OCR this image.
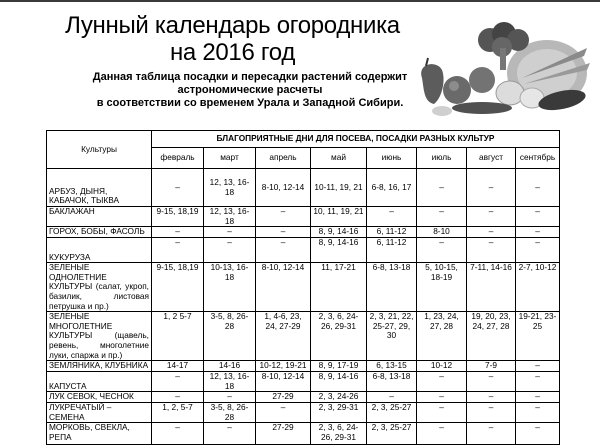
Лунный календарь огородника
на 2016 год
Данная таблица посадки и пересадки растений содержит
астрономические расчеты
в соответствии со временем Урала и Западной Сибири.
Культуры	БЛАГОПРИЯТНЫЕ ДНИ ДЛЯ ПОСЕВА, ПОСАДКИ РАЗНЫХ КУЛЬТУР							
	февраль	март	апрель	май	июнь	июль	август	сентябрь
АРБУЗ, ДЫНЯ, КАБАЧОК, ТЫКВА	–	12, 13, 16-18	8-10, 12-14	10-11, 19, 21	6-8, 16, 17	–	–	–
БАКЛАЖАН	9-15, 18,19	12, 13, 16-18	–	10, 11, 19, 21	–	–	–	–
ГОРОХ, БОБЫ, ФАСОЛЬ	–	–	–	8, 9, 14-16	6, 11-12	8-10	–	–
КУКУРУЗА	–	–	–	8, 9, 14-16	6, 11-12	–	–	–
ЗЕЛЕНЫЕ ОДНОЛЕТНИЕ КУЛЬТУРЫ (салат, укроп, базилик, листовая петрушка и пр.)	9-15, 18,19	10-13, 16-18	8-10, 12-14	11, 17-21	6-8, 13-18	5, 10-15, 18-19	7-11, 14-16	2-7, 10-12
ЗЕЛЕНЫЕ МНОГОЛЕТНИЕ КУЛЬТУРЫ (щавель, ревень, многолетние луки, спаржа и пр.)	1, 2 5-7	3-5, 8, 26-28	1, 4-6, 23, 24, 27-29	2, 3, 6, 24-26, 29-31	2, 3, 21, 22, 25-27, 29, 30	1, 23, 24, 27, 28	19, 20, 23, 24, 27, 28	19-21, 23-25
ЗЕМЛЯНИКА, КЛУБНИКА	14-17	14-16	10-12, 19-21	8, 9, 17-19	6, 13-15	10-12	7-9	–
КАПУСТА	–	12, 13, 16-18	8-10, 12-14	8, 9, 14-16	6-8, 13-18	–	–	–
ЛУК СЕВОК, ЧЕСНОК	–	–	27-29	2, 3, 24-26	–	–	–	–
ЛУКРЕЧАТЫЙ – СЕМЕНА	1, 2, 5-7	3-5, 8, 26-28	–	2, 3, 29-31	2, 3, 25-27	–	–	–
МОРКОВЬ, СВЕКЛА, РЕПА	–	–	27-29	2, 3, 6, 24-26, 29-31	2, 3, 25-27	–	–	–
